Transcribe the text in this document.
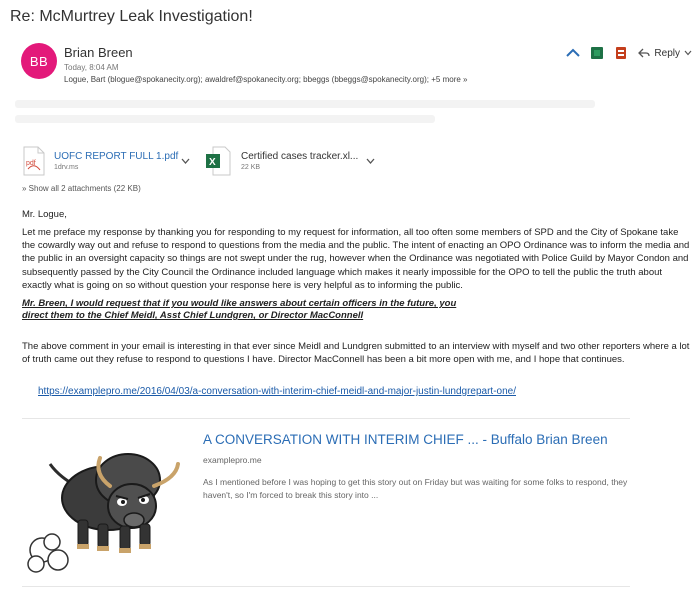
Re: McMurtrey Leak Investigation!
BB
Brian Breen
Today, 8:04 AM
Logue, Bart (blogue@spokanecity.org); awaldref@spokanecity.org; bbeggs (bbeggs@spokanecity.org); +5 more »
Reply
pdf
UOFC REPORT FULL 1.pdf
1drv.ms	X
Certified cases tracker.xl...
22 KB
» Show all 2 attachments (22 KB)
Mr. Logue,
Let me preface my response by thanking you for responding to my request for information, all too often some members of SPD and the City of Spokane take the cowardly way out and refuse to respond to questions from the media and the public. The intent of enacting an OPO Ordinance was to inform the media and the public in an oversight capacity so things are not swept under the rug, however when the Ordinance was negotiated with Police Guild by Mayor Condon and subsequently passed by the City Council the Ordinance included language which makes it nearly impossible for the OPO to tell the public the truth about exactly what is going on so without question your response here is very helpful as to informing the public.
Mr. Breen, I would request that if you would like answers about certain officers in the future, you
direct them to the Chief Meidl, Asst Chief Lundgren, or Director MacConnell
The above comment in your email is interesting in that ever since Meidl and Lundgren submitted to an interview with myself and two other reporters where a lot of truth came out they refuse to respond to questions I have. Director MacConnell has been a bit more open with me, and I hope that continues.
https://examplepro.me/2016/04/03/a-conversation-with-interim-chief-meidl-and-major-justin-lundgrepart-one/
A CONVERSATION WITH INTERIM CHIEF ... - Buffalo Brian Breen
examplepro.me
As I mentioned before I was hoping to get this story out on Friday but was waiting for some folks to respond, they haven't, so I'm forced to break this story into ...
